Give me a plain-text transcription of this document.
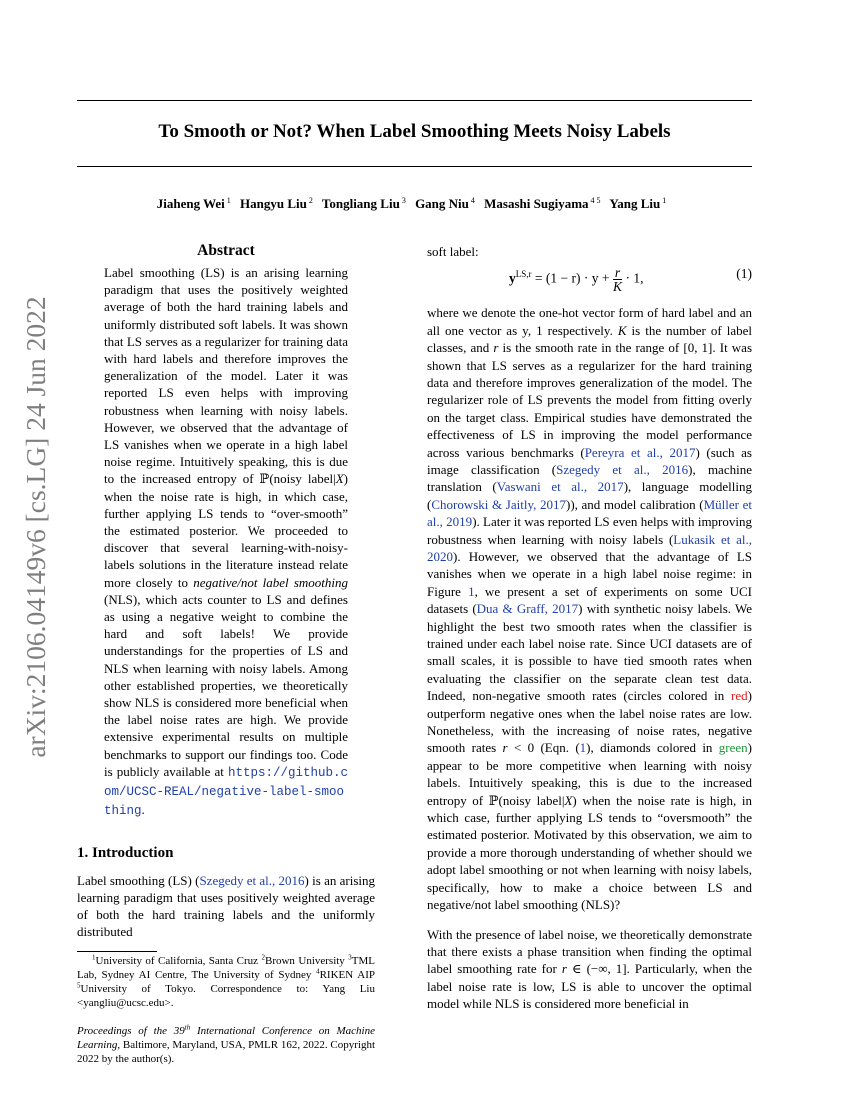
arXiv:2106.04149v6 [cs.LG] 24 Jun 2022
To Smooth or Not? When Label Smoothing Meets Noisy Labels
Jiaheng Wei $^1$ Hangyu Liu $^2$ Tongliang Liu $^3$ Gang Niu $^4$ Masashi Sugiyama $^{4 5}$ Yang Liu $^1$
Abstract
Label smoothing (LS) is an arising learning paradigm that uses the positively weighted average of both the hard training labels and uniformly distributed soft labels. It was shown that LS serves as a regularizer for training data with hard labels and therefore improves the generalization of the model. Later it was reported LS even helps with improving robustness when learning with noisy labels. However, we observed that the advantage of LS vanishes when we operate in a high label noise regime. Intuitively speaking, this is due to the increased entropy of ℙ(noisy label|X) when the noise rate is high, in which case, further applying LS tends to “over-smooth” the estimated posterior. We proceeded to discover that several learning-with-noisy-labels solutions in the literature instead relate more closely to negative/not label smoothing (NLS), which acts counter to LS and defines as using a negative weight to combine the hard and soft labels! We provide understandings for the properties of LS and NLS when learning with noisy labels. Among other established properties, we theoretically show NLS is considered more beneficial when the label noise rates are high. We provide extensive experimental results on multiple benchmarks to support our findings too. Code is publicly available at https://github.com/UCSC-REAL/negative-label-smoothing.
1. Introduction
Label smoothing (LS) (Szegedy et al., 2016) is an arising learning paradigm that uses positively weighted average of both the hard training labels and the uniformly distributed
$^1$University of California, Santa Cruz $^2$Brown University $^3$TML Lab, Sydney AI Centre, The University of Sydney $^4$RIKEN AIP $^5$University of Tokyo. Correspondence to: Yang Liu <yangliu@ucsc.edu>.
Proceedings of the 39th International Conference on Machine Learning, Baltimore, Maryland, USA, PMLR 162, 2022. Copyright 2022 by the author(s).
soft label:
$y^{LS,r} = (1 - r) \cdot y + \frac{r}{K} \cdot 1$,	(1)
where we denote the one-hot vector form of hard label and an all one vector as y, 1 respectively. K is the number of label classes, and r is the smooth rate in the range of [0, 1]. It was shown that LS serves as a regularizer for the hard training data and therefore improves generalization of the model. The regularizer role of LS prevents the model from fitting overly on the target class. Empirical studies have demonstrated the effectiveness of LS in improving the model performance across various benchmarks (Pereyra et al., 2017) (such as image classification (Szegedy et al., 2016), machine translation (Vaswani et al., 2017), language modelling (Chorowski & Jaitly, 2017)), and model calibration (Müller et al., 2019). Later it was reported LS even helps with improving robustness when learning with noisy labels (Lukasik et al., 2020). However, we observed that the advantage of LS vanishes when we operate in a high label noise regime: in Figure 1, we present a set of experiments on some UCI datasets (Dua & Graff, 2017) with synthetic noisy labels. We highlight the best two smooth rates when the classifier is trained under each label noise rate. Since UCI datasets are of small scales, it is possible to have tied smooth rates when evaluating the classifier on the separate clean test data. Indeed, non-negative smooth rates (circles colored in red) outperform negative ones when the label noise rates are low. Nonetheless, with the increasing of noise rates, negative smooth rates r < 0 (Eqn. (1), diamonds colored in green) appear to be more competitive when learning with noisy labels. Intuitively speaking, this is due to the increased entropy of ℙ(noisy label|X) when the noise rate is high, in which case, further applying LS tends to “oversmooth” the estimated posterior. Motivated by this observation, we aim to provide a more thorough understanding of whether should we adopt label smoothing or not when learning with noisy labels, specifically, how to make a choice between LS and negative/not label smoothing (NLS)?
With the presence of label noise, we theoretically demonstrate that there exists a phase transition when finding the optimal label smoothing rate for r ∈ (−∞, 1]. Particularly, when the label noise rate is low, LS is able to uncover the optimal model while NLS is considered more beneficial in
